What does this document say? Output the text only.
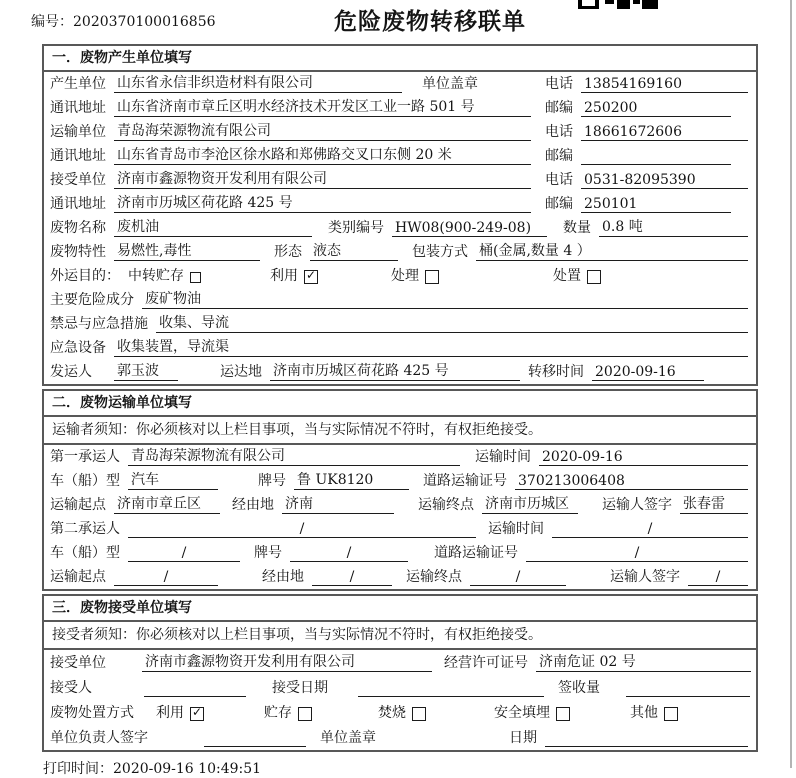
编号：2020370100016856	危险废物转移联单
一．废物产生单位填写
产生单位 山东省永信非织造材料有限公司	单位盖章	电话 13854169160
通讯地址 山东省济南市章丘区明水经济技术开发区工业一路 501 号	邮编 250200
运输单位 青岛海荣源物流有限公司	电话 18661672606
通讯地址 山东省青岛市李沧区徐水路和郑佛路交叉口东侧 20 米	邮编
接受单位 济南市鑫源物资开发利用有限公司	电话 0531-82095390
通讯地址 济南市历城区荷花路 425 号	邮编 250101
废物名称 废机油	类别编号 HW08(900-249-08)	数量 0.8 吨
废物特性 易燃性,毒性	形态 液态	包装方式 桶(金属,数量 4 ）
外运目的： 中转贮存	利用 ✓	处理	处置
主要危险成分 废矿物油
禁忌与应急措施 收集、导流
应急设备 收集装置，导流渠
发运人 郭玉波	运达地 济南市历城区荷花路 425 号	转移时间 2020-09-16
二．废物运输单位填写
运输者须知：你必须核对以上栏目事项，当与实际情况不符时，有权拒绝接受。
第一承运人 青岛海荣源物流有限公司	运输时间 2020-09-16
车（船）型 汽车	牌号 鲁 UK8120	道路运输证号 370213006408
运输起点 济南市章丘区	经由地 济南	运输终点 济南市历城区	运输人签字 张春雷
第二承运人	/	运输时间	/
车（船）型	/	牌号	/	道路运输证号	/
运输起点	/	经由地	/	运输终点	/	运输人签字	/
三．废物接受单位填写
接受者须知：你必须核对以上栏目事项，当与实际情况不符时，有权拒绝接受。
接受单位	济南市鑫源物资开发利用有限公司	经营许可证号 济南危证 02 号
接受人	接受日期	签收量
废物处置方式 利用 ✓	贮存	焚烧	安全填埋	其他
单位负责人签字	单位盖章	日期
打印时间：2020-09-16 10:49:51
